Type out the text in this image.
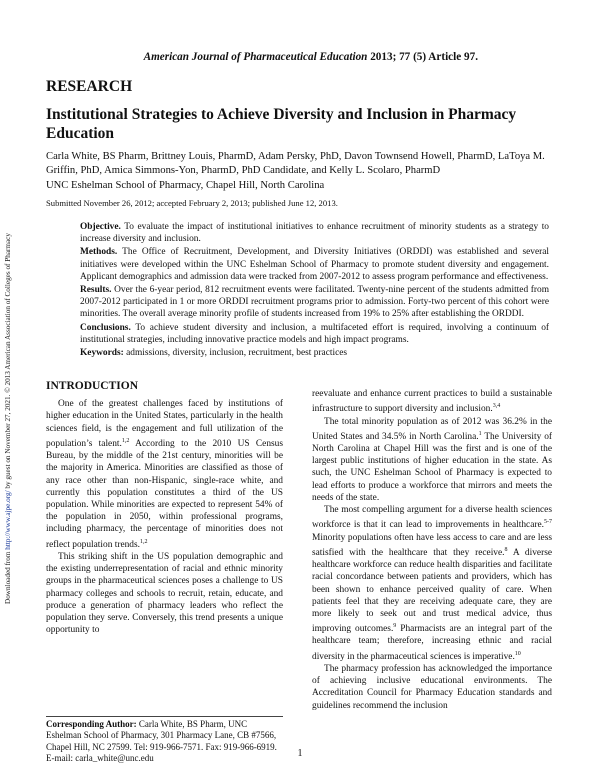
American Journal of Pharmaceutical Education 2013; 77 (5) Article 97.
RESEARCH
Institutional Strategies to Achieve Diversity and Inclusion in Pharmacy Education
Carla White, BS Pharm, Brittney Louis, PharmD, Adam Persky, PhD, Davon Townsend Howell, PharmD, LaToya M. Griffin, PhD, Amica Simmons-Yon, PharmD, PhD Candidate, and Kelly L. Scolaro, PharmD
UNC Eshelman School of Pharmacy, Chapel Hill, North Carolina
Submitted November 26, 2012; accepted February 2, 2013; published June 12, 2013.

Objective. To evaluate the impact of institutional initiatives to enhance recruitment of minority students as a strategy to increase diversity and inclusion.

Methods. The Office of Recruitment, Development, and Diversity Initiatives (ORDDI) was established and several initiatives were developed within the UNC Eshelman School of Pharmacy to promote student diversity and engagement. Applicant demographics and admission data were tracked from 2007-2012 to assess program performance and effectiveness.

Results. Over the 6-year period, 812 recruitment events were facilitated. Twenty-nine percent of the students admitted from 2007-2012 participated in 1 or more ORDDI recruitment programs prior to admission. Forty-two percent of this cohort were minorities. The overall average minority profile of students increased from 19% to 25% after establishing the ORDDI.

Conclusions. To achieve student diversity and inclusion, a multifaceted effort is required, involving a continuum of institutional strategies, including innovative practice models and high impact programs.

Keywords: admissions, diversity, inclusion, recruitment, best practices

Downloaded from http://www.ajpe.org/ by guest on November 27, 2021. © 2013 American Association of Colleges of Pharmacy	INTRODUCTION

One of the greatest challenges faced by institutions of higher education in the United States, particularly in the health sciences field, is the engagement and full utilization of the population’s talent.$^{1,2}$ According to the 2010 US Census Bureau, by the middle of the 21st century, minorities will be the majority in America. Minorities are classified as those of any race other than non-Hispanic, single-race white, and currently this population constitutes a third of the US population. While minorities are expected to represent 54% of the population in 2050, within professional programs, including pharmacy, the percentage of minorities does not reflect population trends.$^{1,2}$

This striking shift in the US population demographic and the existing underrepresentation of racial and ethnic minority groups in the pharmaceutical sciences poses a challenge to US pharmacy colleges and schools to recruit, retain, educate, and produce a generation of pharmacy leaders who reflect the population they serve. Conversely, this trend presents a unique opportunity to

Corresponding Author: Carla White, BS Pharm, UNC Eshelman School of Pharmacy, 301 Pharmacy Lane, CB #7566, Chapel Hill, NC 27599. Tel: 919-966-7571. Fax: 919-966-6919. E-mail: carla_white@unc.edu

reevaluate and enhance current practices to build a sustainable infrastructure to support diversity and inclusion.$^{3,4}$

The total minority population as of 2012 was 36.2% in the United States and 34.5% in North Carolina.$^1$ The University of North Carolina at Chapel Hill was the first and is one of the largest public institutions of higher education in the state. As such, the UNC Eshelman School of Pharmacy is expected to lead efforts to produce a workforce that mirrors and meets the needs of the state.

The most compelling argument for a diverse health sciences workforce is that it can lead to improvements in healthcare.$^{5-7}$ Minority populations often have less access to care and are less satisfied with the healthcare that they receive.$^8$ A diverse healthcare workforce can reduce health disparities and facilitate racial concordance between patients and providers, which has been shown to enhance perceived quality of care. When patients feel that they are receiving adequate care, they are more likely to seek out and trust medical advice, thus improving outcomes.$^9$ Pharmacists are an integral part of the healthcare team; therefore, increasing ethnic and racial diversity in the pharmaceutical sciences is imperative.$^{10}$

The pharmacy profession has acknowledged the importance of achieving inclusive educational environments. The Accreditation Council for Pharmacy Education standards and guidelines recommend the inclusion

1
